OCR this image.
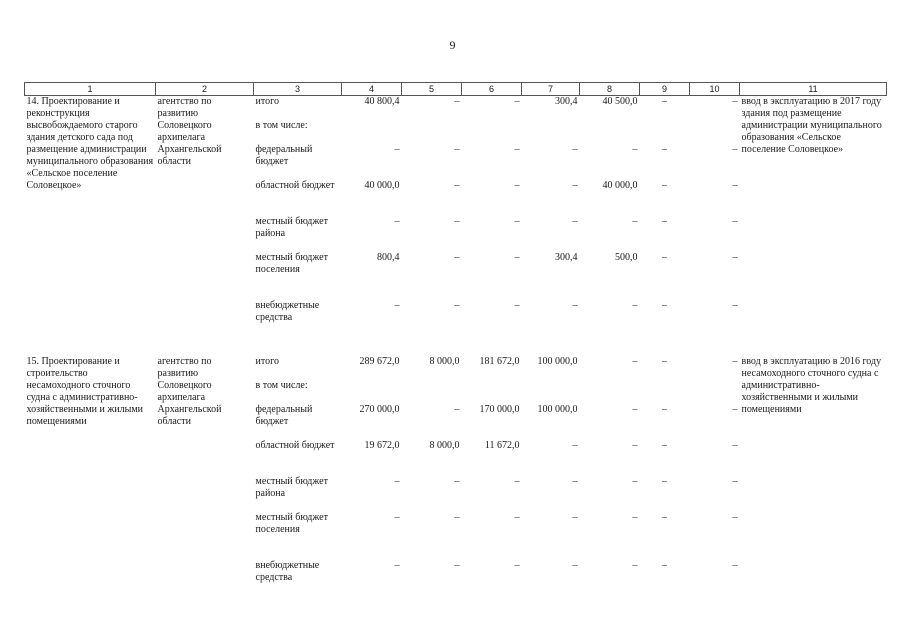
9
1	2	3	4	5	6	7	8	9	10	11
14. Проектирование и реконструкция высвобождаемого старого здания детского сада под размещение администрации муниципального образования «Сельское поселение Соловецкое»	агентство по развитию Соловецкого архипелага Архангельской области	итого	40 800,4	–	–	300,4	40 500,0	–	–	ввод в эксплуатацию в 2017 году здания под размещение администрации муниципального образования «Сельское поселение Соловецкое»
		в том числе:								
		федеральный бюджет	–	–	–	–	–	–	–	
		областной бюджет	40 000,0	–	–	–	40 000,0	–	–	
		местный бюджет района	–	–	–	–	–	–	–	
		местный бюджет поселения	800,4	–	–	300,4	500,0	–	–	
		внебюджетные средства	–	–	–	–	–	–	–	

15. Проектирование и строительство несамоходного сточного судна с административно-хозяйственными и жилыми помещениями	агентство по развитию Соловецкого архипелага Архангельской области	итого	289 672,0	8 000,0	181 672,0	100 000,0	–	–	–	ввод в эксплуатацию в 2016 году несамоходного сточного судна с административно-хозяйственными и жилыми помещениями
		в том числе:								
		федеральный бюджет	270 000,0	–	170 000,0	100 000,0	–	–	–	
		областной бюджет	19 672,0	8 000,0	11 672,0	–	–	–	–	
		местный бюджет района	–	–	–	–	–	–	–	
		местный бюджет поселения	–	–	–	–	–	–	–	
		внебюджетные средства	–	–	–	–	–	–	–	
